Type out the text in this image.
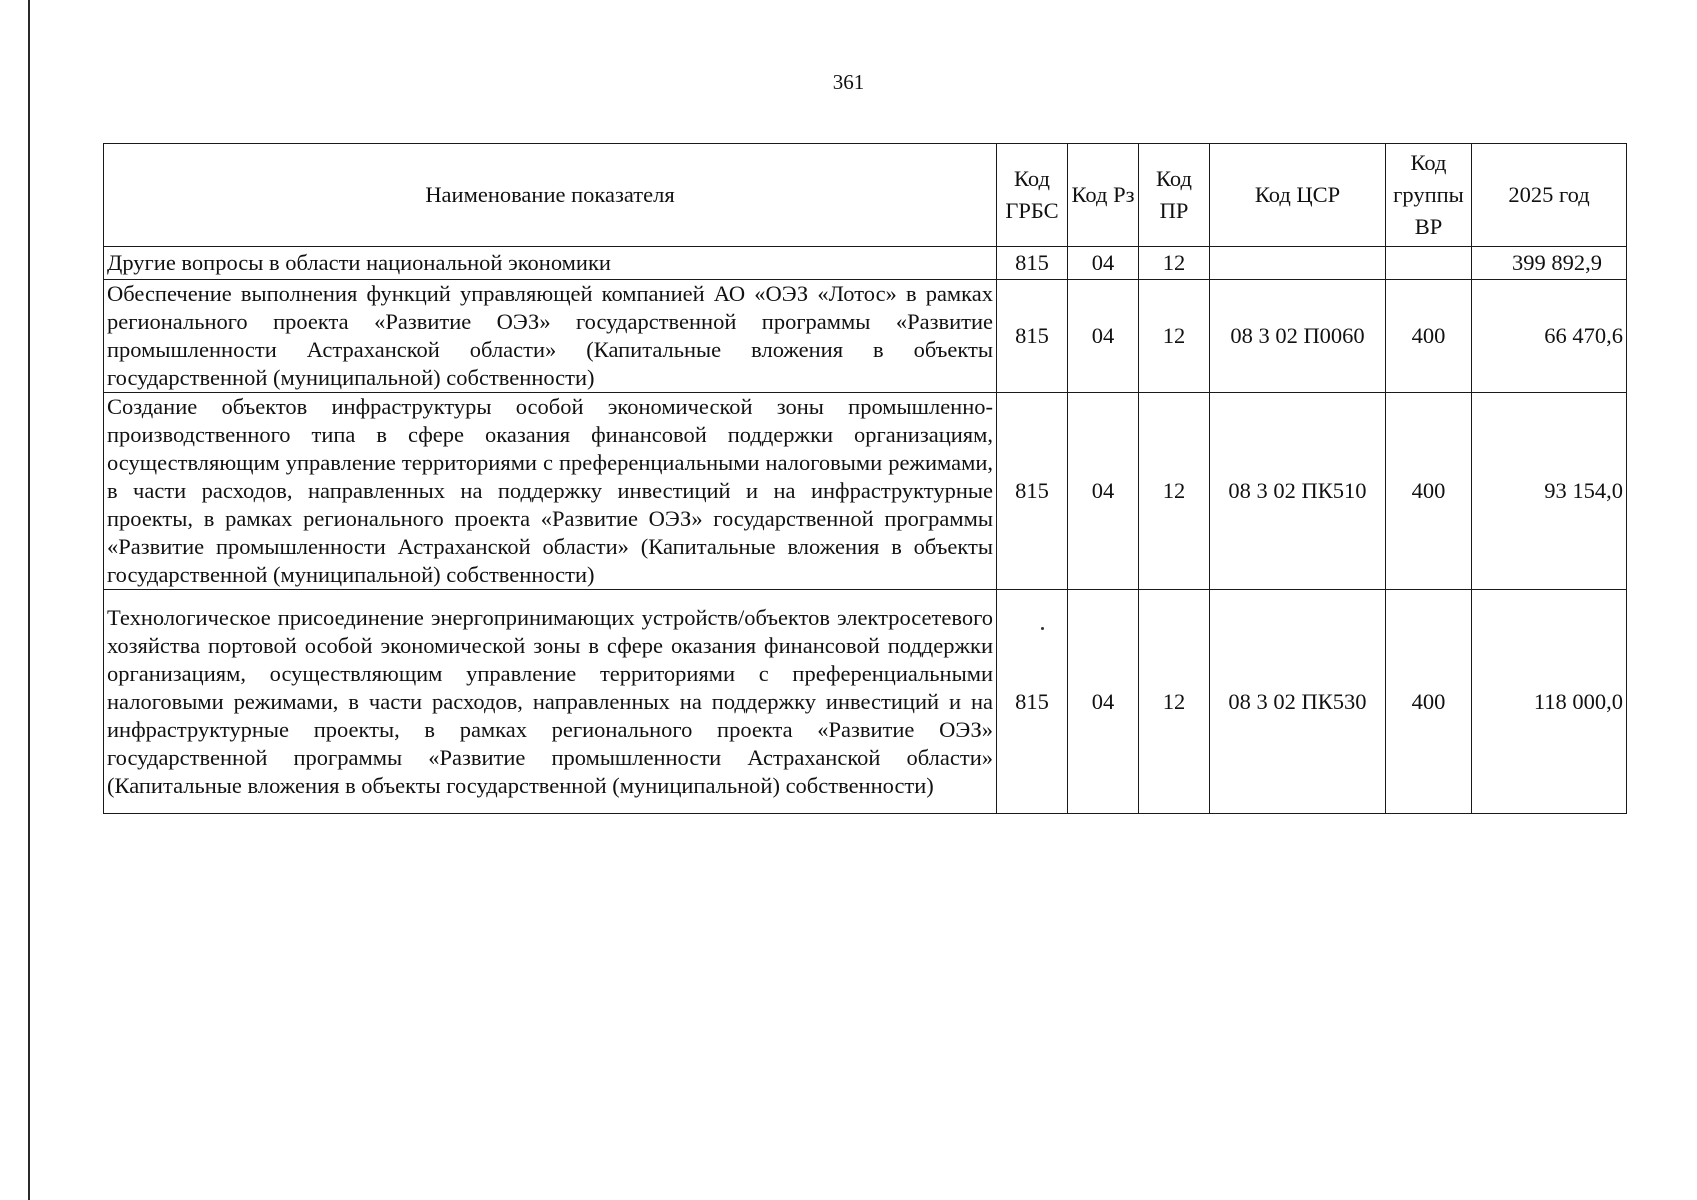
361
Наименование показателя	Код ГРБС	Код Рз	Код ПР	Код ЦСР	Код группы ВР	2025 год
Другие вопросы в области национальной экономики	815	04	12			399 892,9
Обеспечение выполнения функций управляющей компанией АО «ОЭЗ «Лотос» в рамках регионального проекта «Развитие ОЭЗ» государственной программы «Развитие промышленности Астраханской области» (Капитальные вложения в объекты государственной (муниципальной) собственности)	815	04	12	08 3 02 П0060	400	66 470,6
Создание объектов инфраструктуры особой экономической зоны промышленно-производственного типа в сфере оказания финансовой поддержки организациям, осуществляющим управление территориями с преференциальными налоговыми режимами, в части расходов, направленных на поддержку инвестиций и на инфраструктурные проекты, в рамках регионального проекта «Развитие ОЭЗ» государственной программы «Развитие промышленности Астраханской области» (Капитальные вложения в объекты государственной (муниципальной) собственности)	815	04	12	08 3 02 ПК510	400	93 154,0
Технологическое присоединение энергопринимающих устройств/объектов электросетевого хозяйства портовой особой экономической зоны в сфере оказания финансовой поддержки организациям, осуществляющим управление территориями с преференциальными налоговыми режимами, в части расходов, направленных на поддержку инвестиций и на инфраструктурные проекты, в рамках регионального проекта «Развитие ОЭЗ» государственной программы «Развитие промышленности Астраханской области» (Капитальные вложения в объекты государственной (муниципальной) собственности)	815	04	12	08 3 02 ПК530	400	118 000,0
